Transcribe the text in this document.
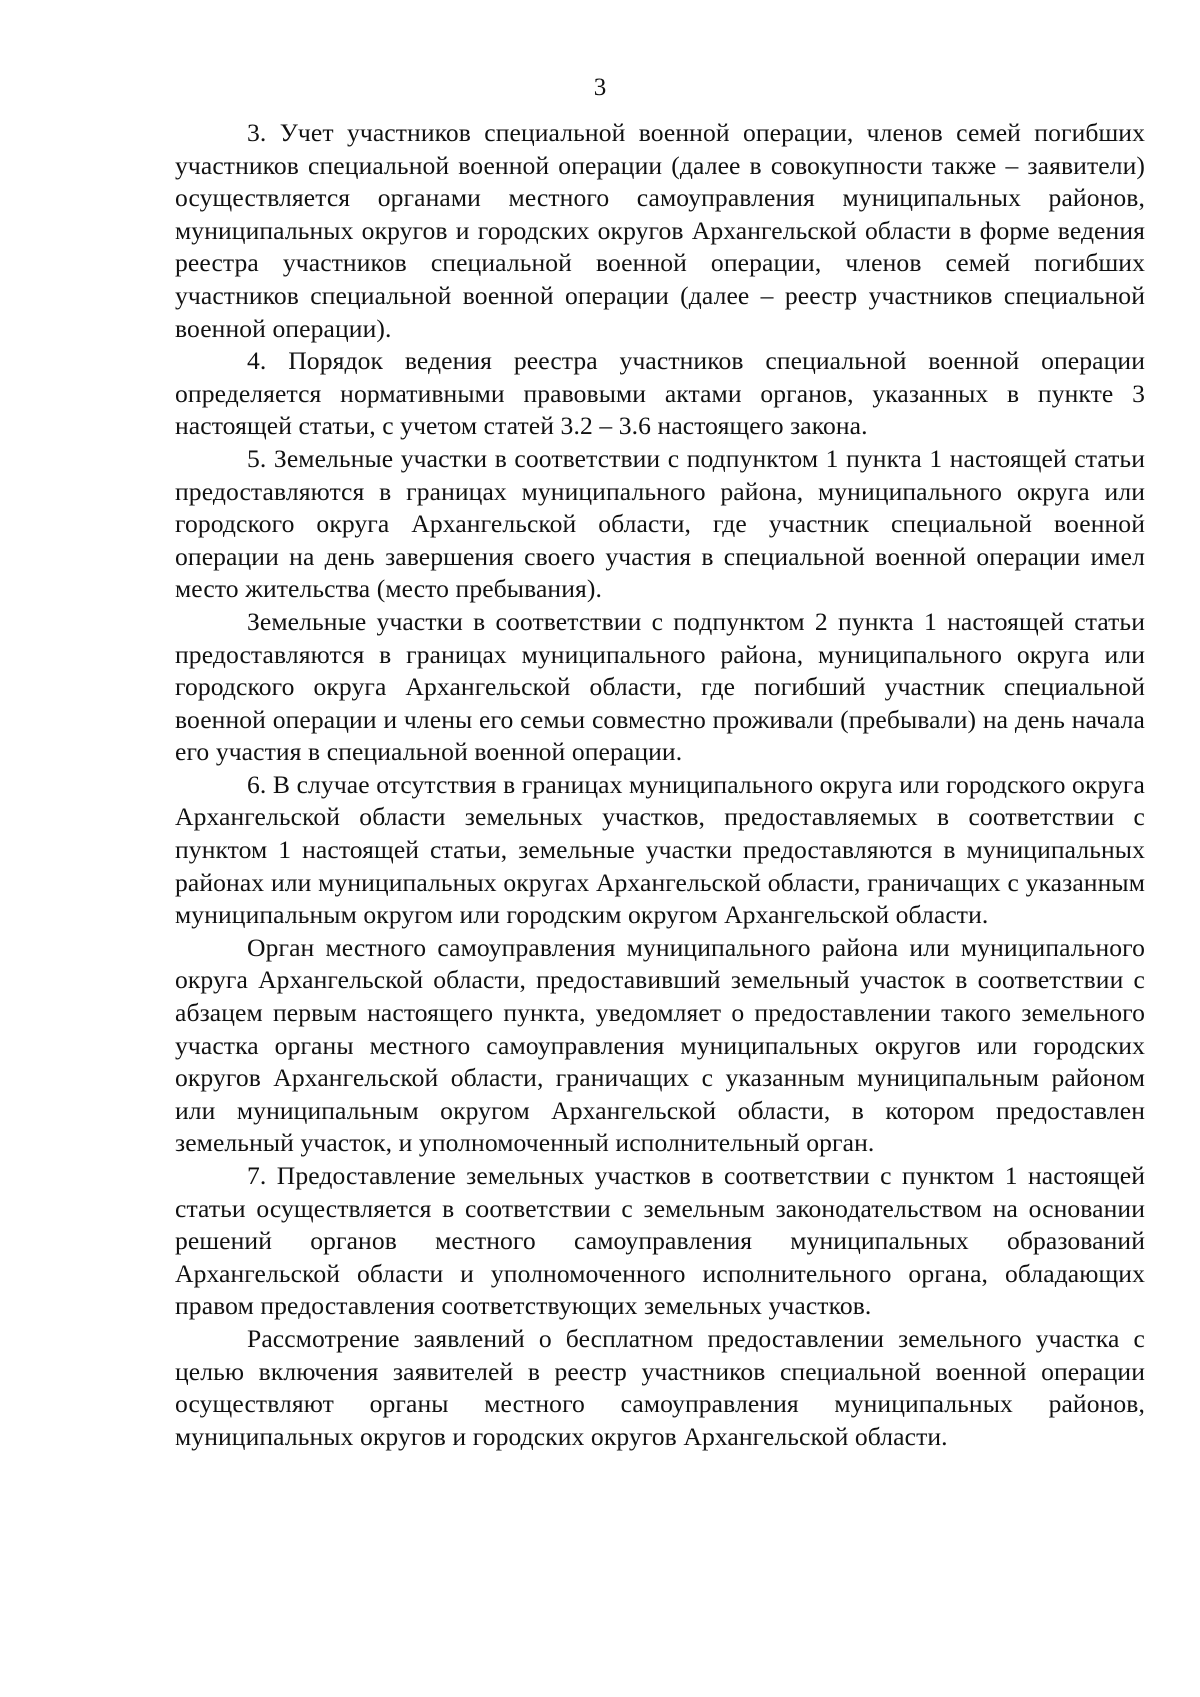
3

3. Учет участников специальной военной операции, членов семей погибших участников специальной военной операции (далее в совокупности также – заявители) осуществляется органами местного самоуправления муниципальных районов, муниципальных округов и городских округов Архангельской области в форме ведения реестра участников специальной военной операции, членов семей погибших участников специальной военной операции (далее – реестр участников специальной военной операции).

4. Порядок ведения реестра участников специальной военной операции определяется нормативными правовыми актами органов, указанных в пункте 3 настоящей статьи, с учетом статей 3.2 – 3.6 настоящего закона.

5. Земельные участки в соответствии с подпунктом 1 пункта 1 настоящей статьи предоставляются в границах муниципального района, муниципального округа или городского округа Архангельской области, где участник специальной военной операции на день завершения своего участия в специальной военной операции имел место жительства (место пребывания).

Земельные участки в соответствии с подпунктом 2 пункта 1 настоящей статьи предоставляются в границах муниципального района, муниципального округа или городского округа Архангельской области, где погибший участник специальной военной операции и члены его семьи совместно проживали (пребывали) на день начала его участия в специальной военной операции.

6. В случае отсутствия в границах муниципального округа или городского округа Архангельской области земельных участков, предоставляемых в соответствии с пунктом 1 настоящей статьи, земельные участки предоставляются в муниципальных районах или муниципальных округах Архангельской области, граничащих с указанным муниципальным округом или городским округом Архангельской области.

Орган местного самоуправления муниципального района или муниципального округа Архангельской области, предоставивший земельный участок в соответствии с абзацем первым настоящего пункта, уведомляет о предоставлении такого земельного участка органы местного самоуправления муниципальных округов или городских округов Архангельской области, граничащих с указанным муниципальным районом или муниципальным округом Архангельской области, в котором предоставлен земельный участок, и уполномоченный исполнительный орган.

7. Предоставление земельных участков в соответствии с пунктом 1 настоящей статьи осуществляется в соответствии с земельным законодательством на основании решений органов местного самоуправления муниципальных образований Архангельской области и уполномоченного исполнительного органа, обладающих правом предоставления соответствующих земельных участков.

Рассмотрение заявлений о бесплатном предоставлении земельного участка с целью включения заявителей в реестр участников специальной военной операции осуществляют органы местного самоуправления муниципальных районов, муниципальных округов и городских округов Архангельской области.
